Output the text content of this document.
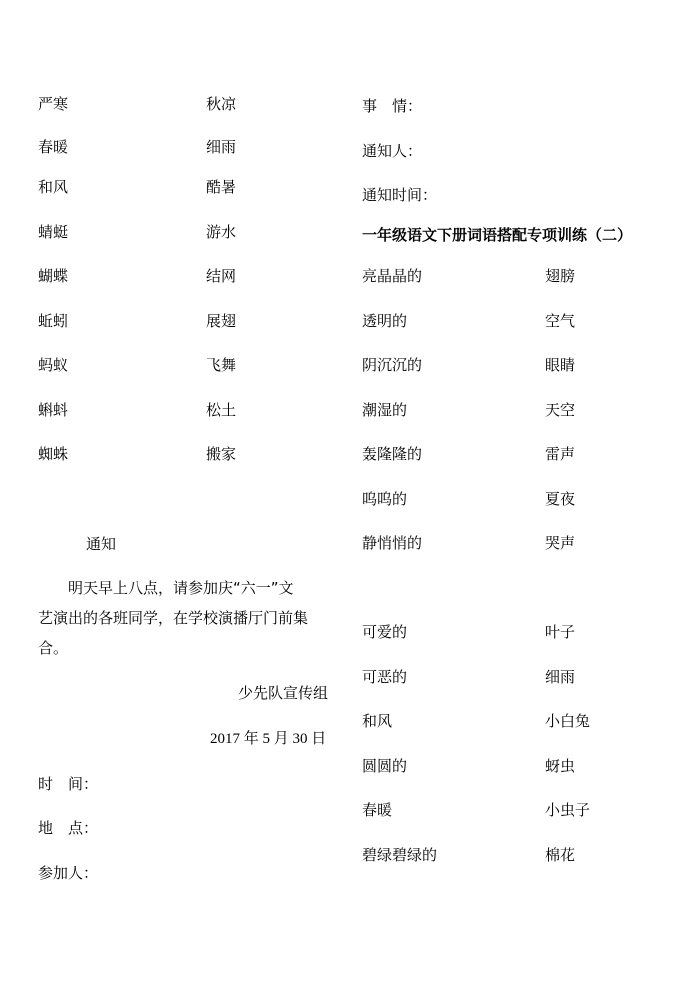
严寒	秋凉
春暖	细雨
和风	酷暑
蜻蜓	游水
蝴蝶	结网
蚯蚓	展翅
蚂蚁	飞舞
蝌蚪	松土
蜘蛛	搬家
通知
明天早上八点，请参加庆“六一”文
艺演出的各班同学，在学校演播厅门前集
合。
少先队宣传组
2017 年 5 月 30 日
时　间：
地　点：
参加人：
事　情：
通知人：
通知时间：
一年级语文下册词语搭配专项训练（二）
亮晶晶的	翅膀
透明的	空气
阴沉沉的	眼睛
潮湿的	天空
轰隆隆的	雷声
呜呜的	夏夜
静悄悄的	哭声
可爱的	叶子
可恶的	细雨
和风	小白兔
圆圆的	蚜虫
春暖	小虫子
碧绿碧绿的	棉花
